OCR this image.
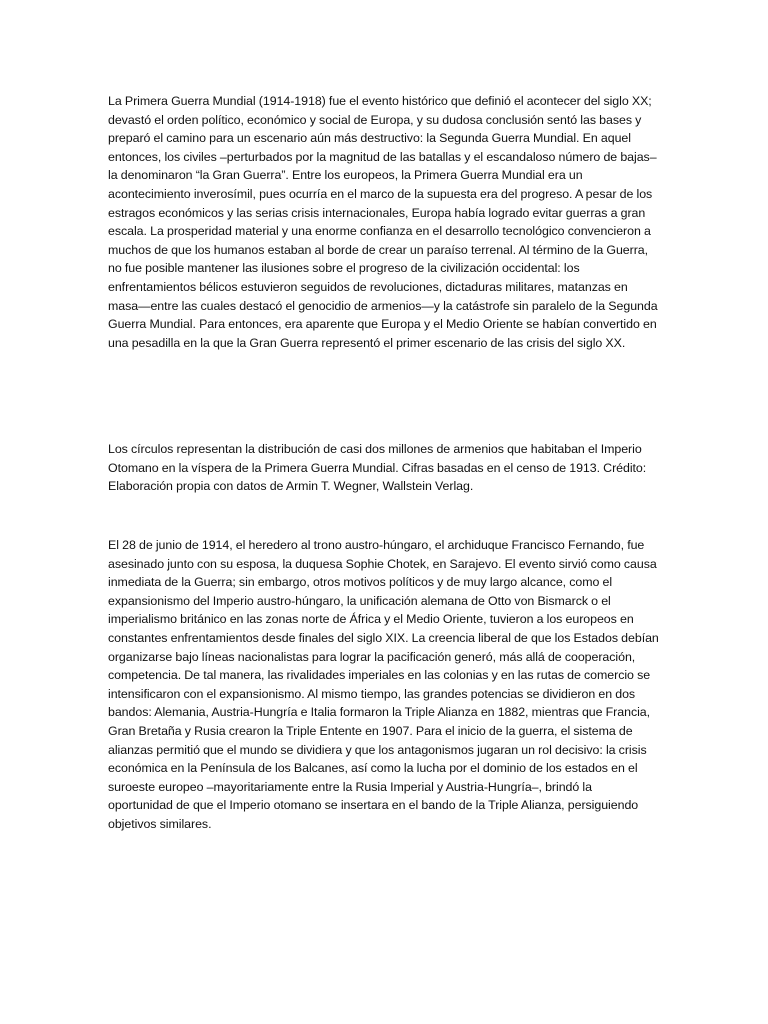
La Primera Guerra Mundial (1914-1918) fue el evento histórico que definió el acontecer del siglo XX; devastó el orden político, económico y social de Europa, y su dudosa conclusión sentó las bases y preparó el camino para un escenario aún más destructivo: la Segunda Guerra Mundial. En aquel entonces, los civiles –perturbados por la magnitud de las batallas y el escandaloso número de bajas– la denominaron “la Gran Guerra”. Entre los europeos, la Primera Guerra Mundial era un acontecimiento inverosímil, pues ocurría en el marco de la supuesta era del progreso. A pesar de los estragos económicos y las serias crisis internacionales, Europa había logrado evitar guerras a gran escala. La prosperidad material y una enorme confianza en el desarrollo tecnológico convencieron a muchos de que los humanos estaban al borde de crear un paraíso terrenal. Al término de la Guerra, no fue posible mantener las ilusiones sobre el progreso de la civilización occidental: los enfrentamientos bélicos estuvieron seguidos de revoluciones, dictaduras militares, matanzas en masa—entre las cuales destacó el genocidio de armenios—y la catástrofe sin paralelo de la Segunda Guerra Mundial. Para entonces, era aparente que Europa y el Medio Oriente se habían convertido en una pesadilla en la que la Gran Guerra representó el primer escenario de las crisis del siglo XX.

Los círculos representan la distribución de casi dos millones de armenios que habitaban el Imperio Otomano en la víspera de la Primera Guerra Mundial. Cifras basadas en el censo de 1913. Crédito: Elaboración propia con datos de Armin T. Wegner, Wallstein Verlag.

El 28 de junio de 1914, el heredero al trono austro-húngaro, el archiduque Francisco Fernando, fue asesinado junto con su esposa, la duquesa Sophie Chotek, en Sarajevo. El evento sirvió como causa inmediata de la Guerra; sin embargo, otros motivos políticos y de muy largo alcance, como el expansionismo del Imperio austro-húngaro, la unificación alemana de Otto von Bismarck o el imperialismo británico en las zonas norte de África y el Medio Oriente, tuvieron a los europeos en constantes enfrentamientos desde finales del siglo XIX. La creencia liberal de que los Estados debían organizarse bajo líneas nacionalistas para lograr la pacificación generó, más allá de cooperación, competencia. De tal manera, las rivalidades imperiales en las colonias y en las rutas de comercio se intensificaron con el expansionismo. Al mismo tiempo, las grandes potencias se dividieron en dos bandos: Alemania, Austria-Hungría e Italia formaron la Triple Alianza en 1882, mientras que Francia, Gran Bretaña y Rusia crearon la Triple Entente en 1907. Para el inicio de la guerra, el sistema de alianzas permitió que el mundo se dividiera y que los antagonismos jugaran un rol decisivo: la crisis económica en la Península de los Balcanes, así como la lucha por el dominio de los estados en el suroeste europeo –mayoritariamente entre la Rusia Imperial y Austria-Hungría–, brindó la oportunidad de que el Imperio otomano se insertara en el bando de la Triple Alianza, persiguiendo objetivos similares.
